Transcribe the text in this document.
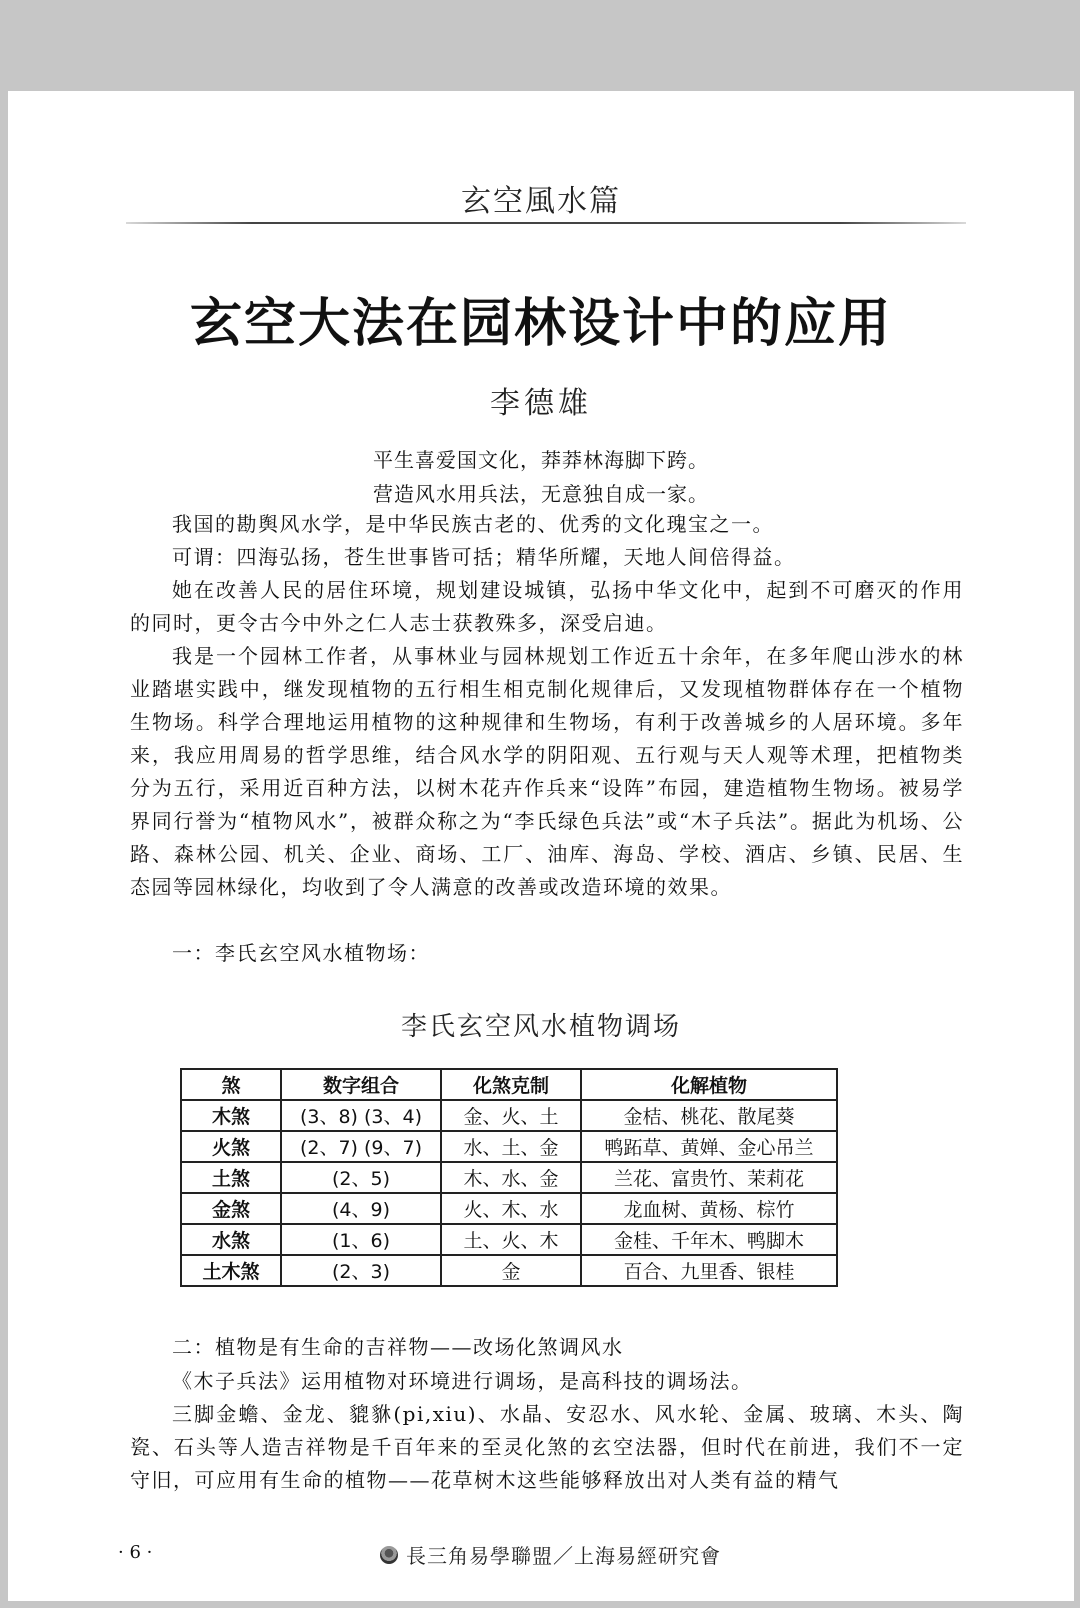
玄空風水篇
玄空大法在园林设计中的应用
李德雄
平生喜爱国文化，莽莽林海脚下跨。
营造风水用兵法，无意独自成一家。

我国的勘舆风水学，是中华民族古老的、优秀的文化瑰宝之一。

可谓：四海弘扬，苍生世事皆可括；精华所耀，天地人间倍得益。

她在改善人民的居住环境，规划建设城镇，弘扬中华文化中，起到不可磨灭的作用的同时，更令古今中外之仁人志士获教殊多，深受启迪。

我是一个园林工作者，从事林业与园林规划工作近五十余年，在多年爬山涉水的林业踏堪实践中，继发现植物的五行相生相克制化规律后，又发现植物群体存在一个植物生物场。科学合理地运用植物的这种规律和生物场，有利于改善城乡的人居环境。多年来，我应用周易的哲学思维，结合风水学的阴阳观、五行观与天人观等术理，把植物类分为五行，采用近百种方法，以树木花卉作兵来“设阵”布园，建造植物生物场。被易学界同行誉为“植物风水”，被群众称之为“李氏绿色兵法”或“木子兵法”。据此为机场、公路、森林公园、机关、企业、商场、工厂、油库、海岛、学校、酒店、乡镇、民居、生态园等园林绿化，均收到了令人满意的改善或改造环境的效果。

一：李氏玄空风水植物场：

李氏玄空风水植物调场
煞	数字组合	化煞克制	化解植物
木煞	(3、8) (3、4)	金、火、土	金桔、桃花、散尾葵
火煞	(2、7) (9、7)	水、土、金	鸭跖草、黄婵、金心吊兰
土煞	(2、5)	木、水、金	兰花、富贵竹、茉莉花
金煞	(4、9)	火、木、水	龙血树、黄杨、棕竹
水煞	(1、6)	土、火、木	金桂、千年木、鸭脚木
土木煞	(2、3)	金	百合、九里香、银桂

二：植物是有生命的吉祥物——改场化煞调风水

《木子兵法》运用植物对环境进行调场，是高科技的调场法。

三脚金蟾、金龙、貔貅(pi,xiu)、水晶、安忍水、风水轮、金属、玻璃、木头、陶瓷、石头等人造吉祥物是千百年来的至灵化煞的玄空法器，但时代在前进，我们不一定守旧，可应用有生命的植物——花草树木这些能够释放出对人类有益的精气

· 6 ·	長三角易學聯盟／上海易經研究會
